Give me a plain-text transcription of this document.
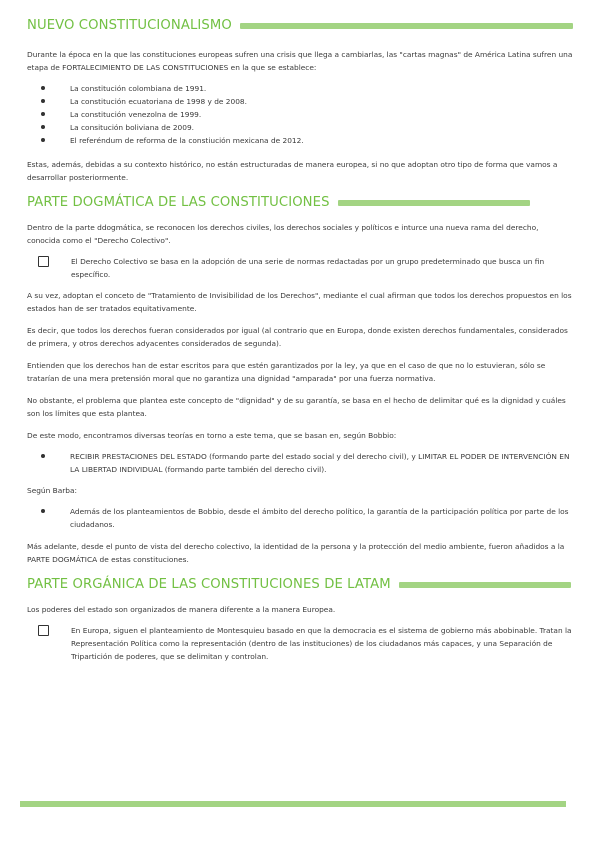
NUEVO CONSTITUCIONALISMO

Durante la época en la que las constituciones europeas sufren una crisis que llega a cambiarlas, las "cartas magnas" de América Latina sufren una etapa de FORTALECIMIENTO DE LAS CONSTITUCIONES en la que se establece:

La constitución colombiana de 1991.
La constitución ecuatoriana de 1998 y de 2008.
La constitución venezolna de 1999.
La consitución boliviana de 2009.
El referéndum de reforma de la constiución mexicana de 2012.

Estas, además, debidas a su contexto histórico, no están estructuradas de manera europea, si no que adoptan otro tipo de forma que vamos a desarrollar posteriormente.

PARTE DOGMÁTICA DE LAS CONSTITUCIONES

Dentro de la parte ddogmática, se reconocen los derechos civiles, los derechos sociales y políticos e inturce una nueva rama del derecho, conocida como el "Derecho Colectivo".

El Derecho Colectivo se basa en la adopción de una serie de normas redactadas por un grupo predeterminado que busca un fin específico.

A su vez, adoptan el conceto de "Tratamiento de Invisibilidad de los Derechos", mediante el cual afirman que todos los derechos propuestos en los estados han de ser tratados equitativamente.

Es decir, que todos los derechos fueran considerados por igual (al contrario que en Europa, donde existen derechos fundamentales, considerados de primera, y otros derechos adyacentes considerados de segunda).

Entienden que los derechos han de estar escritos para que estén garantizados por la ley, ya que en el caso de que no lo estuvieran, sólo se tratarían de una mera pretensión moral que no garantiza una dignidad "amparada" por una fuerza normativa.

No obstante, el problema que plantea este concepto de "dignidad" y de su garantía, se basa en el hecho de delimitar qué es la dignidad y cuáles son los límites que esta plantea.

De este modo, encontramos diversas teorías en torno a este tema, que se basan en, según Bobbio:

RECIBIR PRESTACIONES DEL ESTADO (formando parte del estado social y del derecho civil), y LIMITAR EL PODER DE INTERVENCIÓN EN LA LIBERTAD INDIVIDUAL (formando parte también del derecho civil).

Según Barba:

Además de los planteamientos de Bobbio, desde el ámbito del derecho político, la garantía de la participación política por parte de los ciudadanos.

Más adelante, desde el punto de vista del derecho colectivo, la identidad de la persona y la protección del medio ambiente, fueron añadidos a la PARTE DOGMÁTICA de estas constituciones.

PARTE ORGÁNICA DE LAS CONSTITUCIONES DE LATAM

Los poderes del estado son organizados de manera diferente a la manera Europea.

En Europa, siguen el planteamiento de Montesquieu basado en que la democracia es el sistema de gobierno más abobinable. Tratan la Representación Política como la representación (dentro de las instituciones) de los ciudadanos más capaces, y una Separación de Tripartición de poderes, que se delimitan y controlan.
